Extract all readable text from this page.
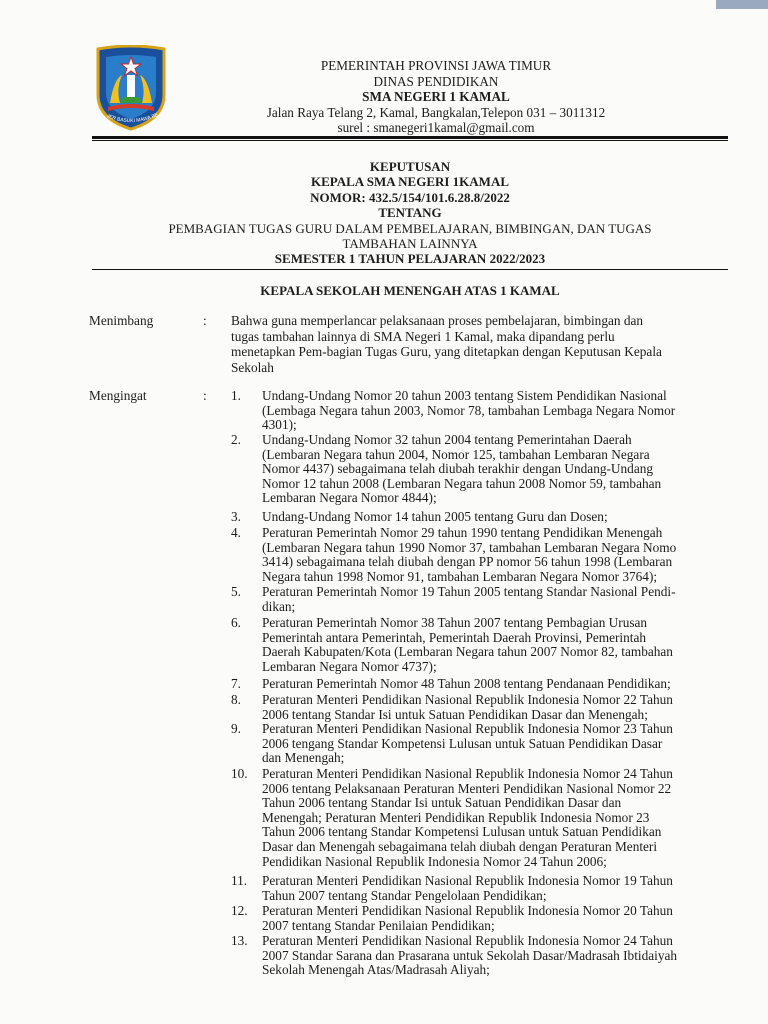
JER BASUKI MAWA BE
PEMERINTAH PROVINSI JAWA TIMUR
DINAS PENDIDIKAN
SMA NEGERI 1 KAMAL
Jalan Raya Telang 2, Kamal, Bangkalan,Telepon 031 – 3011312
surel : smanegeri1kamal@gmail.com
KEPUTUSAN
KEPALA SMA NEGERI 1KAMAL
NOMOR: 432.5/154/101.6.28.8/2022
TENTANG
PEMBAGIAN TUGAS GURU DALAM PEMBELAJARAN, BIMBINGAN, DAN TUGAS
TAMBAHAN LAINNYA
SEMESTER 1 TAHUN PELAJARAN 2022/2023
KEPALA SEKOLAH MENENGAH ATAS 1 KAMAL
Menimbang	: Bahwa guna memperlancar pelaksanaan proses pembelajaran, bimbingan dan
tugas tambahan lainnya di SMA Negeri 1 Kamal, maka dipandang perlu
menetapkan Pem-bagian Tugas Guru, yang ditetapkan dengan Keputusan Kepala
Sekolah
Mengingat	: 1.	Undang-Undang Nomor 20 tahun 2003 tentang Sistem Pendidikan Nasional
(Lembaga Negara tahun 2003, Nomor 78, tambahan Lembaga Negara Nomor
4301);
2.	Undang-Undang Nomor 32 tahun 2004 tentang Pemerintahan Daerah
(Lembaran Negara tahun 2004, Nomor 125, tambahan Lembaran Negara
Nomor 4437) sebagaimana telah diubah terakhir dengan Undang-Undang
Nomor 12 tahun 2008 (Lembaran Negara tahun 2008 Nomor 59, tambahan
Lembaran Negara Nomor 4844);
3.	Undang-Undang Nomor 14 tahun 2005 tentang Guru dan Dosen;
4.	Peraturan Pemerintah Nomor 29 tahun 1990 tentang Pendidikan Menengah
(Lembaran Negara tahun 1990 Nomor 37, tambahan Lembaran Negara Nomo
3414) sebagaimana telah diubah dengan PP nomor 56 tahun 1998 (Lembaran
Negara tahun 1998 Nomor 91, tambahan Lembaran Negara Nomor 3764);
5.	Peraturan Pemerintah Nomor 19 Tahun 2005 tentang Standar Nasional Pendi-
dikan;
6.	Peraturan Pemerintah Nomor 38 Tahun 2007 tentang Pembagian Urusan
Pemerintah antara Pemerintah, Pemerintah Daerah Provinsi, Pemerintah
Daerah Kabupaten/Kota (Lembaran Negara tahun 2007 Nomor 82, tambahan
Lembaran Negara Nomor 4737);
7.	Peraturan Pemerintah Nomor 48 Tahun 2008 tentang Pendanaan Pendidikan;
8.	Peraturan Menteri Pendidikan Nasional Republik Indonesia Nomor 22 Tahun
2006 tentang Standar Isi untuk Satuan Pendidikan Dasar dan Menengah;
9.	Peraturan Menteri Pendidikan Nasional Republik Indonesia Nomor 23 Tahun
2006 tengang Standar Kompetensi Lulusan untuk Satuan Pendidikan Dasar
dan Menengah;
10.	Peraturan Menteri Pendidikan Nasional Republik Indonesia Nomor 24 Tahun
2006 tentang Pelaksanaan Peraturan Menteri Pendidikan Nasional Nomor 22
Tahun 2006 tentang Standar Isi untuk Satuan Pendidikan Dasar dan
Menengah; Peraturan Menteri Pendidikan Republik Indonesia Nomor 23
Tahun 2006 tentang Standar Kompetensi Lulusan untuk Satuan Pendidikan
Dasar dan Menengah sebagaimana telah diubah dengan Peraturan Menteri
Pendidikan Nasional Republik Indonesia Nomor 24 Tahun 2006;
11.	Peraturan Menteri Pendidikan Nasional Republik Indonesia Nomor 19 Tahun
Tahun 2007 tentang Standar Pengelolaan Pendidikan;
12.	Peraturan Menteri Pendidikan Nasional Republik Indonesia Nomor 20 Tahun
2007 tentang Standar Penilaian Pendidikan;
13.	Peraturan Menteri Pendidikan Nasional Republik Indonesia Nomor 24 Tahun
2007 Standar Sarana dan Prasarana untuk Sekolah Dasar/Madrasah Ibtidaiyah
Sekolah Menengah Atas/Madrasah Aliyah;
